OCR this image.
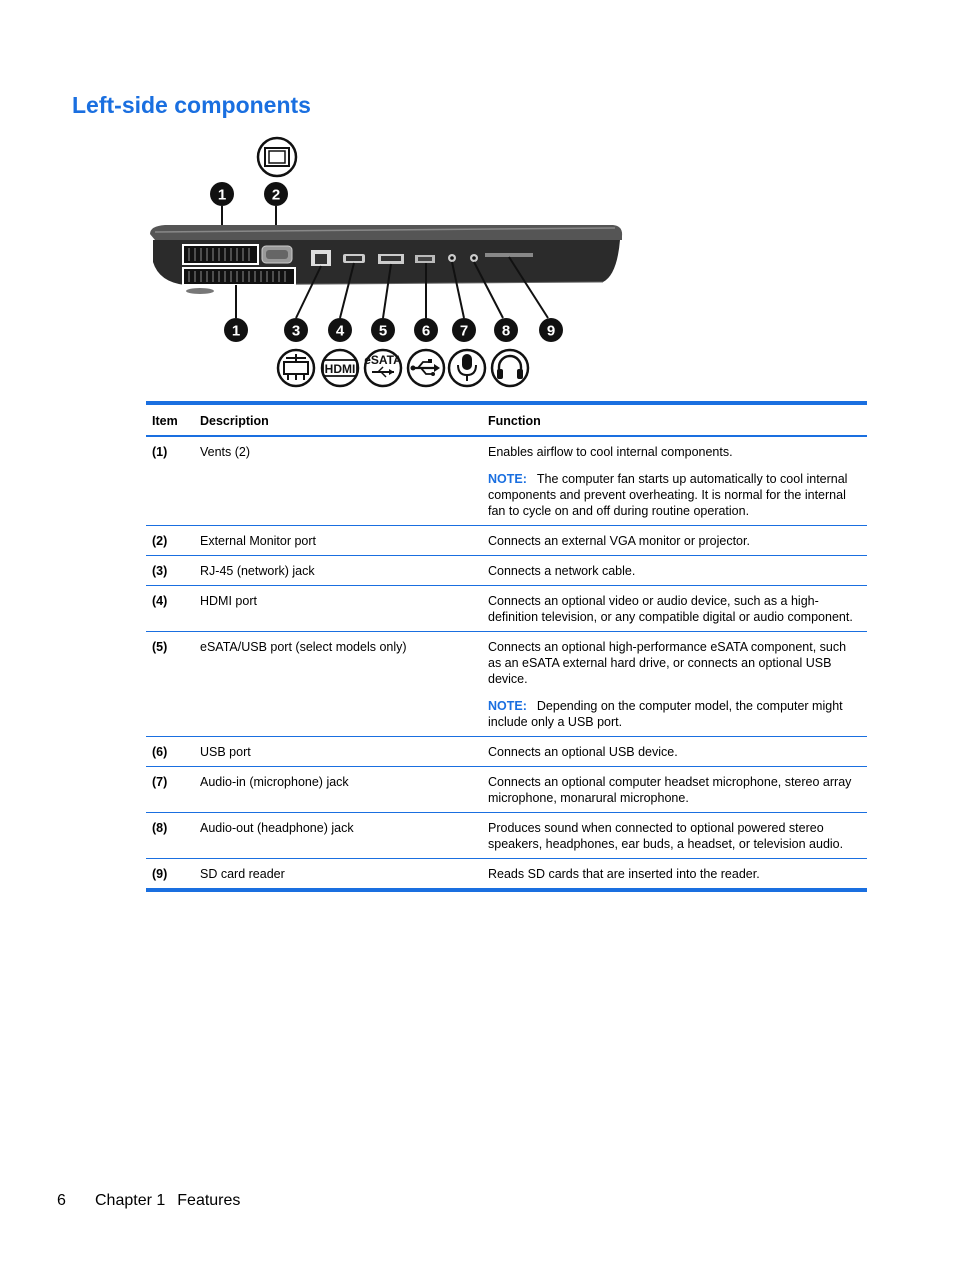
Left-side components
1	2
1	3 4 5 6 7 8 9
HDMI
eSATA
Item	Description	Function
(1)	Vents (2)	Enables airflow to cool internal components.
NOTE: The computer fan starts up automatically to cool internal components and prevent overheating. It is normal for the internal fan to cycle on and off during routine operation.

(2)	External Monitor port	Connects an external VGA monitor or projector.
(3)	RJ-45 (network) jack	Connects a network cable.
(4)	HDMI port	Connects an optional video or audio device, such as a high-definition television, or any compatible digital or audio component.
(5)	eSATA/USB port (select models only)	Connects an optional high-performance eSATA component, such as an eSATA external hard drive, or connects an optional USB device.
NOTE: Depending on the computer model, the computer might include only a USB port.

(6)	USB port	Connects an optional USB device.
(7)	Audio-in (microphone) jack	Connects an optional computer headset microphone, stereo array microphone, monarural microphone.
(8)	Audio-out (headphone) jack	Produces sound when connected to optional powered stereo speakers, headphones, ear buds, a headset, or television audio.
(9)	SD card reader	Reads SD cards that are inserted into the reader.
6 Chapter 1 Features
